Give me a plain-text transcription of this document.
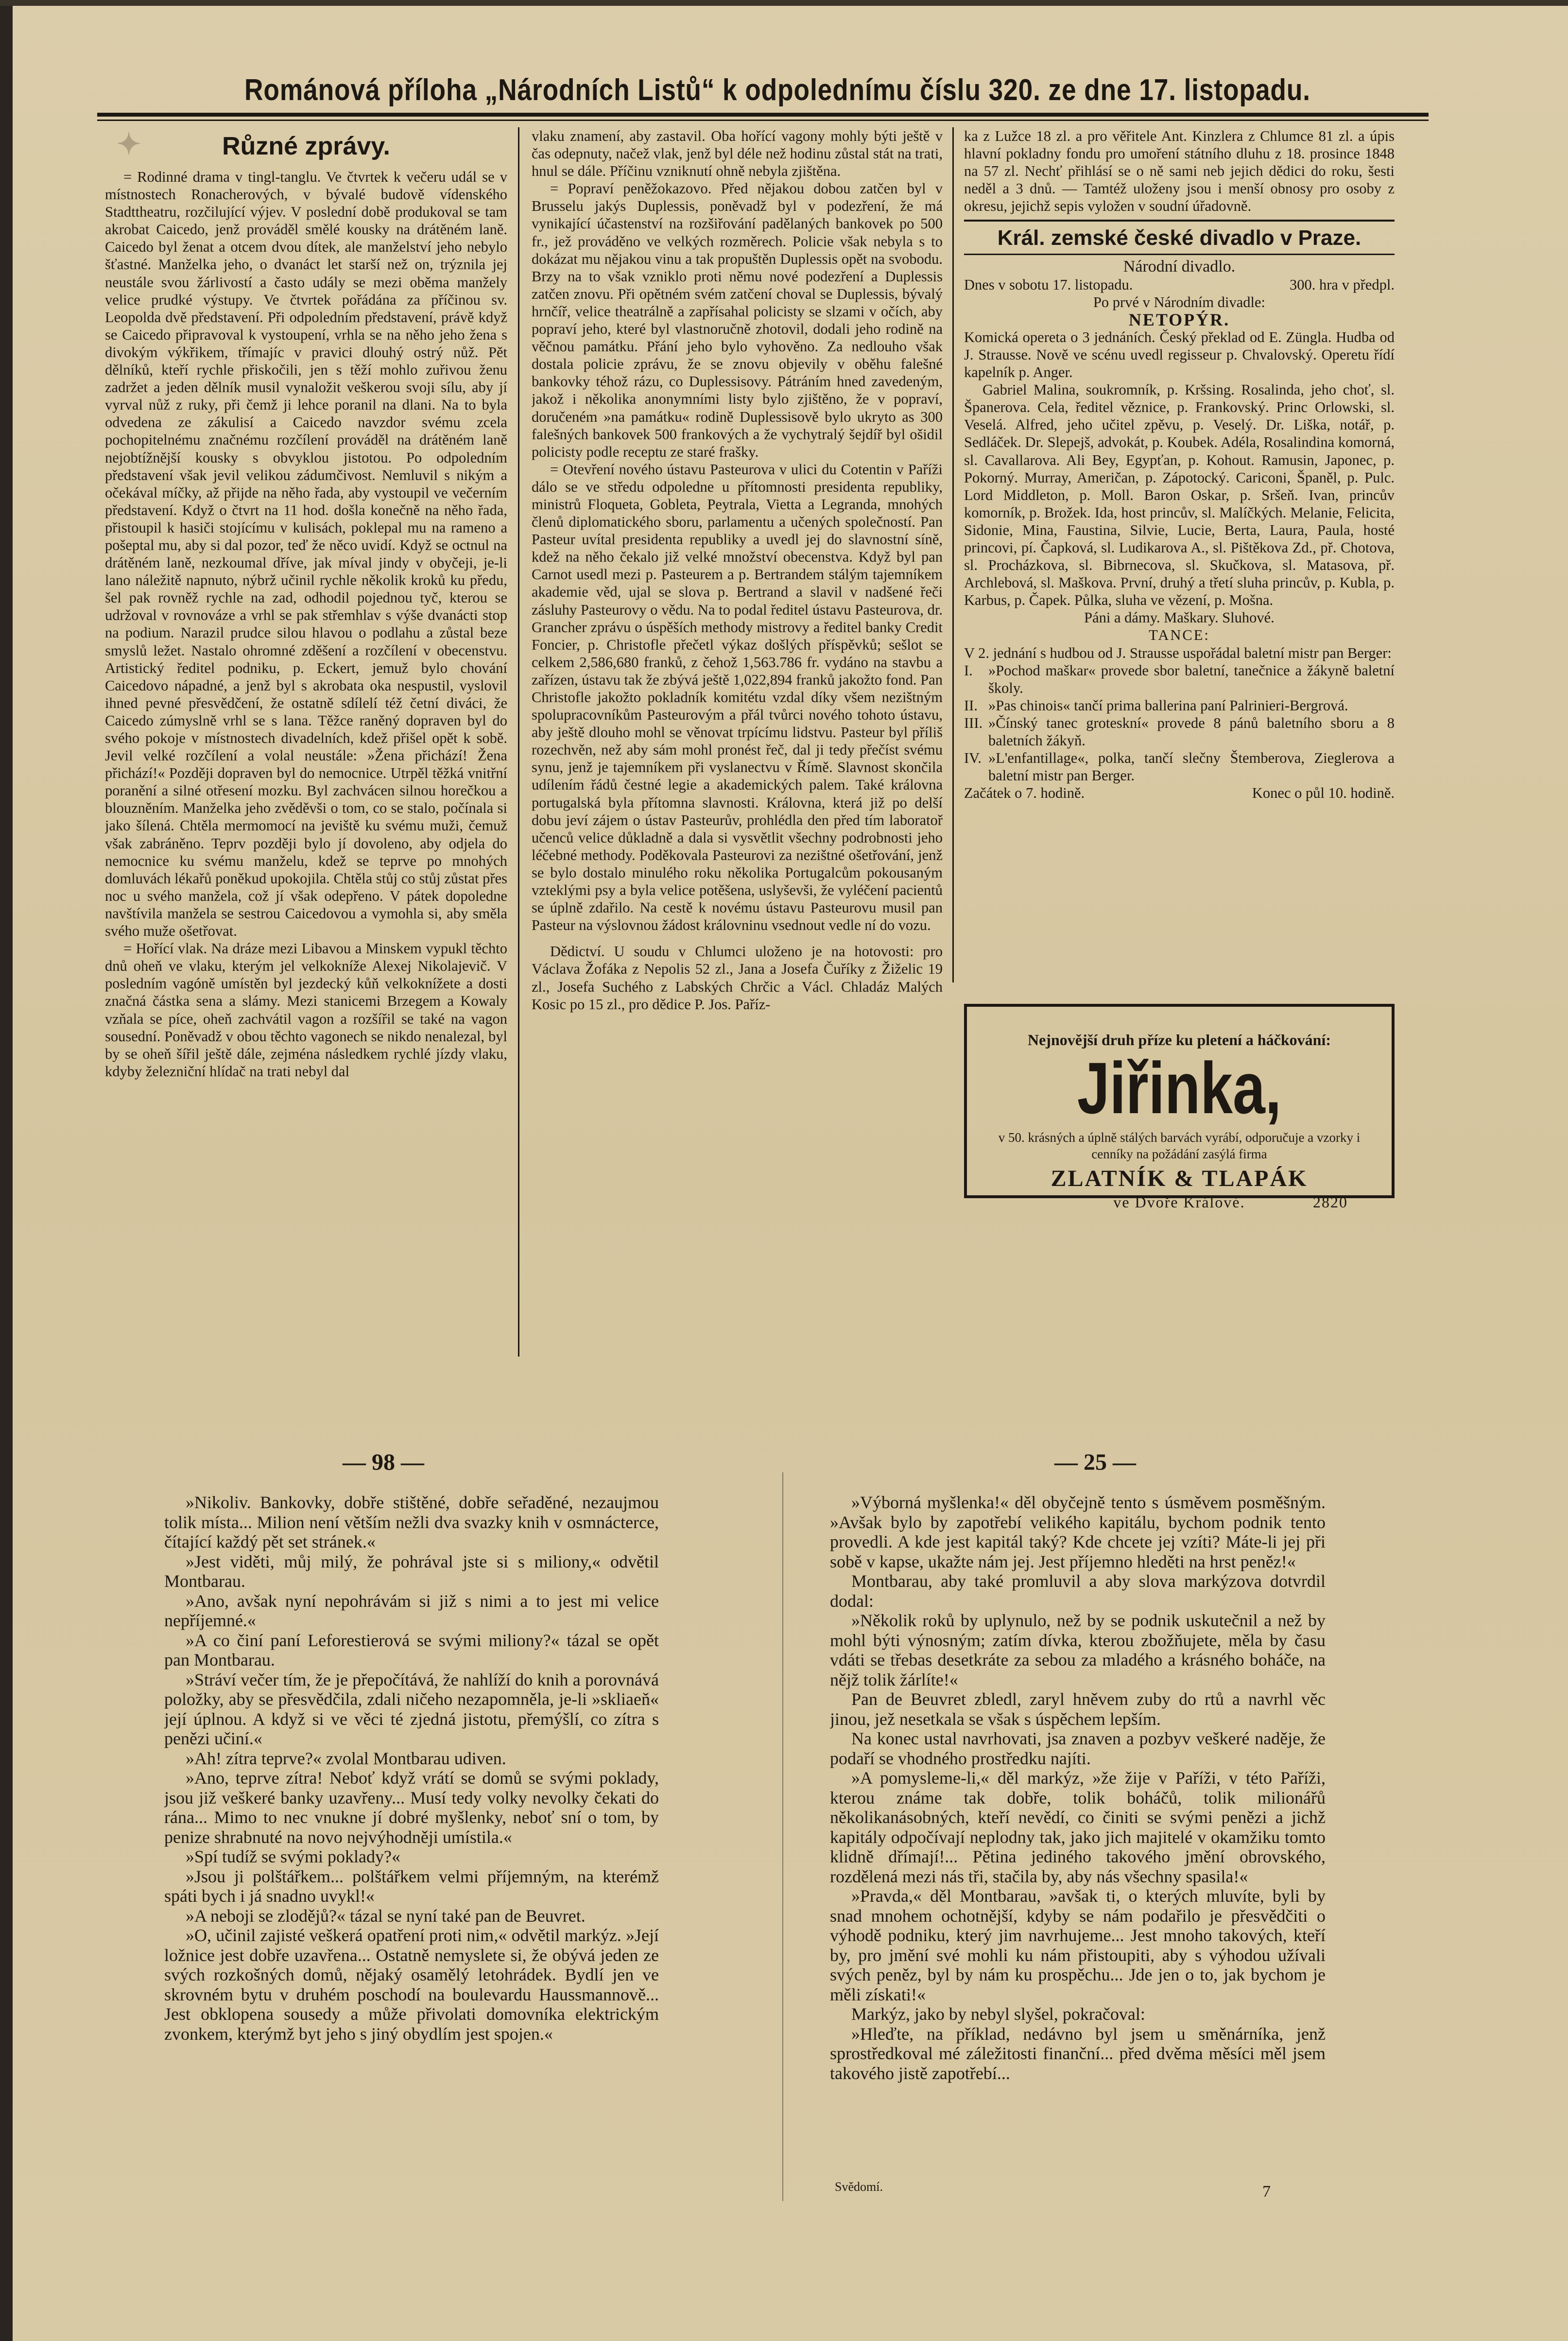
Románová příloha „Národních Listů“ k odpolednímu číslu 320. ze dne 17. listopadu.
Různé zprávy.

= Rodinné drama v tingl-tanglu. Ve čtvrtek k večeru udál se v místnostech Ronacherových, v bývalé budově vídenského Stadttheatru, rozčilující výjev. V poslední době produkoval se tam akrobat Caicedo, jenž prováděl smělé kousky na drátěném laně. Caicedo byl ženat a otcem dvou dítek, ale manželství jeho nebylo šťastné. Manželka jeho, o dvanáct let starší než on, trýznila jej neustále svou žárlivostí a často udály se mezi oběma manžely velice prudké výstupy. Ve čtvrtek pořádána za příčinou sv. Leopolda dvě představení. Při odpoledním představení, právě když se Caicedo připravoval k vystoupení, vrhla se na něho jeho žena s divokým výkřikem, třímajíc v pravici dlouhý ostrý nůž. Pět dělníků, kteří rychle přiskočili, jen s těží mohlo zuřivou ženu zadržet a jeden dělník musil vynaložit veškerou svoji sílu, aby jí vyrval nůž z ruky, při čemž ji lehce poranil na dlani. Na to byla odvedena ze zákulisí a Caicedo navzdor svému zcela pochopitelnému značnému rozčílení prováděl na drátěném laně nejobtížnější kousky s obvyklou jistotou. Po odpoledním představení však jevil velikou zádumčivost. Nemluvil s nikým a očekával míčky, až přijde na něho řada, aby vystoupil ve večerním představení. Když o čtvrt na 11 hod. došla konečně na něho řada, přistoupil k hasiči stojícímu v kulisách, poklepal mu na rameno a pošeptal mu, aby si dal pozor, teď že něco uvidí. Když se octnul na drátěném laně, nezkoumal dříve, jak míval jindy v obyčeji, je-li lano náležitě napnuto, nýbrž učinil rychle několik kroků ku předu, šel pak rovněž rychle na zad, odhodil pojednou tyč, kterou se udržoval v rovnováze a vrhl se pak střemhlav s výše dvanácti stop na podium. Narazil prudce silou hlavou o podlahu a zůstal beze smyslů ležet. Nastalo ohromné zděšení a rozčílení v obecenstvu. Artistický ředitel podniku, p. Eckert, jemuž bylo chování Caicedovo nápadné, a jenž byl s akrobata oka nespustil, vyslovil ihned pevné přesvědčení, že ostatně sdílelí též četní diváci, že Caicedo zúmyslně vrhl se s lana. Těžce raněný dopraven byl do svého pokoje v místnostech divadelních, kdež přišel opět k sobě. Jevil velké rozčílení a volal neustále: »Žena přichází! Žena přichází!« Později dopraven byl do nemocnice. Utrpěl těžká vnitřní poranění a silné otřesení mozku. Byl zachvácen silnou horečkou a blouzněním. Manželka jeho zvěděvši o tom, co se stalo, počínala si jako šílená. Chtěla mermomocí na jeviště ku svému muži, čemuž však zabráněno. Teprv později bylo jí dovoleno, aby odjela do nemocnice ku svému manželu, kdež se teprve po mnohých domluvách lékařů poněkud upokojila. Chtěla stůj co stůj zůstat přes noc u svého manžela, což jí však odepřeno. V pátek dopoledne navštívila manžela se sestrou Caicedovou a vymohla si, aby směla svého muže ošetřovat.

= Hořící vlak. Na dráze mezi Libavou a Minskem vypukl těchto dnů oheň ve vlaku, kterým jel velkokníže Alexej Nikolajevič. V posledním vagóně umístěn byl jezdecký kůň velkoknížete a dosti značná částka sena a slámy. Mezi stanicemi Brzegem a Kowaly vzňala se píce, oheň zachvátil vagon a rozšířil se také na vagon sousední. Poněvadž v obou těchto vagonech se nikdo nenalezal, byl by se oheň šířil ještě dále, zejména následkem rychlé jízdy vlaku, kdyby železniční hlídač na trati nebyl dal

vlaku znamení, aby zastavil. Oba hořící vagony mohly býti ještě v čas odepnuty, načež vlak, jenž byl déle než hodinu zůstal stát na trati, hnul se dále. Příčinu vzniknutí ohně nebyla zjištěna.

= Popraví peněžokazovo. Před nějakou dobou zatčen byl v Brusselu jakýs Duplessis, poněvadž byl v podezření, že má vynikající účastenství na rozšiřování padělaných bankovek po 500 fr., jež prováděno ve velkých rozměrech. Policie však nebyla s to dokázat mu nějakou vinu a tak propuštěn Duplessis opět na svobodu. Brzy na to však vzniklo proti němu nové podezření a Duplessis zatčen znovu. Při opětném svém zatčení choval se Duplessis, bývalý hrnčíř, velice theatrálně a zapřísahal policisty se slzami v očích, aby popraví jeho, které byl vlastnoručně zhotovil, dodali jeho rodině na věčnou památku. Přání jeho bylo vyhověno. Za nedlouho však dostala policie zprávu, že se znovu objevily v oběhu falešné bankovky téhož rázu, co Duplessisovy. Pátráním hned zavedeným, jakož i několika anonymními listy bylo zjištěno, že v popraví, doručeném »na památku« rodině Duplessisově bylo ukryto as 300 falešných bankovek 500 frankových a že vychytralý šejdíř byl ošidil policisty podle receptu ze staré frašky.

= Otevření nového ústavu Pasteurova v ulici du Cotentin v Paříži dálo se ve středu odpoledne u přítomnosti presidenta republiky, ministrů Floqueta, Gobleta, Peytrala, Vietta a Legranda, mnohých členů diplomatického sboru, parlamentu a učených společností. Pan Pasteur uvítal presidenta republiky a uvedl jej do slavnostní síně, kdež na něho čekalo již velké množství obecenstva. Když byl pan Carnot usedl mezi p. Pasteurem a p. Bertrandem stálým tajemníkem akademie věd, ujal se slova p. Bertrand a slavil v nadšené řeči zásluhy Pasteurovy o vědu. Na to podal ředitel ústavu Pasteurova, dr. Grancher zprávu o úspěších methody mistrovy a ředitel banky Credit Foncier, p. Christofle přečetl výkaz došlých příspěvků; sešlot se celkem 2,586,680 franků, z čehož 1,563.786 fr. vydáno na stavbu a zařízen, ústavu tak že zbývá ještě 1,022,894 franků jakožto fond. Pan Christofle jakožto pokladník komitétu vzdal díky všem nezištným spolupracovníkům Pasteurovým a přál tvůrci nového tohoto ústavu, aby ještě dlouho mohl se věnovat trpícímu lidstvu. Pasteur byl příliš rozechvěn, než aby sám mohl pronést řeč, dal ji tedy přečíst svému synu, jenž je tajemníkem při vyslanectvu v Římě. Slavnost skončila udílením řádů čestné legie a akademických palem. Také královna portugalská byla přítomna slavnosti. Královna, která již po delší dobu jeví zájem o ústav Pasteurův, prohlédla den před tím laboratoř učenců velice důkladně a dala si vysvětlit všechny podrobnosti jeho léčebné methody. Poděkovala Pasteurovi za nezištné ošetřování, jenž se bylo dostalo minulého roku několika Portugalcům pokousaným vzteklými psy a byla velice potěšena, uslyševši, že vyléčení pacientů se úplně zdařilo. Na cestě k novému ústavu Pasteurovu musil pan Pasteur na výslovnou žádost královninu vsednout vedle ní do vozu.

Dědictví. U soudu v Chlumci uloženo je na hotovosti: pro Václava Žofáka z Nepolis 52 zl., Jana a Josefa Čuříky z Žiželic 19 zl., Josefa Suchého z Labských Chrčic a Václ. Chladáz Malých Kosic po 15 zl., pro dědice P. Jos. Paříz-

ka z Lužce 18 zl. a pro věřitele Ant. Kinzlera z Chlumce 81 zl. a úpis hlavní pokladny fondu pro umoření státního dluhu z 18. prosince 1848 na 57 zl. Nechť přihlásí se o ně sami neb jejich dědici do roku, šesti neděl a 3 dnů. — Tamtéž uloženy jsou i menší obnosy pro osoby z okresu, jejichž sepis vyložen v soudní úřadovně.

Král. zemské české divadlo v Praze.

Národní divadlo.

Dnes v sobotu 17. listopadu.	300. hra v předpl.

Po prvé v Národním divadle:

NETOPÝR.

Komická opereta o 3 jednáních. Český překlad od E. Züngla. Hudba od J. Strausse. Nově ve scénu uvedl regisseur p. Chvalovský. Operetu řídí kapelník p. Anger.

Gabriel Malina, soukromník, p. Kršsing. Rosalinda, jeho choť, sl. Španerova. Cela, ředitel věznice, p. Frankovský. Princ Orlowski, sl. Veselá. Alfred, jeho učitel zpěvu, p. Veselý. Dr. Liška, notář, p. Sedláček. Dr. Slepejš, advokát, p. Koubek. Adéla, Rosalindina komorná, sl. Cavallarova. Ali Bey, Egypťan, p. Kohout. Ramusin, Japonec, p. Pokorný. Murray, Američan, p. Zápotocký. Cariconi, Španěl, p. Pulc. Lord Middleton, p. Moll. Baron Oskar, p. Sršeň. Ivan, princův komorník, p. Brožek. Ida, host princův, sl. Malíčkých. Melanie, Felicita, Sidonie, Mina, Faustina, Silvie, Lucie, Berta, Laura, Paula, hosté princovi, pí. Čapková, sl. Ludikarova A., sl. Pištěkova Zd., př. Chotova, sl. Procházkova, sl. Bibrnecova, sl. Skučkova, sl. Matasova, př. Archlebová, sl. Maškova. První, druhý a třetí sluha princův, p. Kubla, p. Karbus, p. Čapek. Půlka, sluha ve vězení, p. Mošna.

Páni a dámy. Maškary. Sluhové.

TANCE:

V 2. jednání s hudbou od J. Strausse uspořádal baletní mistr pan Berger:

I.	»Pochod maškar« provede sbor baletní, tanečnice a žákyně baletní školy.
II. »Pas chinois« tančí prima ballerina paní Palrinieri-Bergrová.
III. »Čínský tanec groteskní« provede 8 pánů baletního sboru a 8 baletních žákyň.
IV. »L'enfantillage«, polka, tančí slečny Štemberova, Zieglerova a baletní mistr pan Berger.

Začátek o 7. hodině.	Konec o půl 10. hodině.

Nejnovější druh příze ku pletení a háčkování:
Jiřinka,
v 50. krásných a úplně stálých barvách vyrábí, odporučuje a vzorky i cenníky na požádání zasýlá firma
ZLATNÍK & TLAPÁK
ve Dvoře Králové.	2820
✦
— 98 —	— 25 —

»Nikoliv. Bankovky, dobře stištěné, dobře seřaděné, nezaujmou tolik místa... Milion není větším nežli dva svazky knih v osmnácterce, čítající každý pět set stránek.«

»Jest viděti, můj milý, že pohrával jste si s miliony,« odvětil Montbarau.

»Ano, avšak nyní nepohrávám si již s nimi a to jest mi velice nepříjemné.«

»A co činí paní Leforestierová se svými miliony?« tázal se opět pan Montbarau.

»Stráví večer tím, že je přepočítává, že nahlíží do knih a porovnává položky, aby se přesvědčila, zdali ničeho nezapomněla, je-li »skliaeň« její úplnou. A když si ve věci té zjedná jistotu, přemýšlí, co zítra s penězi učiní.«

»Ah! zítra teprve?« zvolal Montbarau udiven.

»Ano, teprve zítra! Neboť když vrátí se domů se svými poklady, jsou již veškeré banky uzavřeny... Musí tedy volky nevolky čekati do rána... Mimo to nec vnukne jí dobré myšlenky, neboť sní o tom, by penize shrabnuté na novo nejvýhodněji umístila.«

»Spí tudíž se svými poklady?«

»Jsou ji polštářkem... polštářkem velmi příjemným, na kterémž spáti bych i já snadno uvykl!«

»A neboji se zlodějů?« tázal se nyní také pan de Beuvret.

»O, učinil zajisté veškerá opatření proti nim,« odvětil markýz. »Její ložnice jest dobře uzavřena... Ostatně nemyslete si, že obývá jeden ze svých rozkošných domů, nějaký osamělý letohrádek. Bydlí jen ve skrovném bytu v druhém poschodí na boulevardu Haussmannově... Jest obklopena sousedy a může přivolati domovníka elektrickým zvonkem, kterýmž byt jeho s jiný obydlím jest spojen.«

»Výborná myšlenka!« děl obyčejně tento s úsměvem posměšným. »Avšak bylo by zapotřebí velikého kapitálu, bychom podnik tento provedli. A kde jest kapitál taký? Kde chcete jej vzíti? Máte-li jej při sobě v kapse, ukažte nám jej. Jest příjemno hleděti na hrst peněz!«

Montbarau, aby také promluvil a aby slova markýzova dotvrdil dodal:

»Několik roků by uplynulo, než by se podnik uskutečnil a než by mohl býti výnosným; zatím dívka, kterou zbožňujete, měla by času vdáti se třebas desetkráte za sebou za mladého a krásného boháče, na nějž tolik žárlíte!«

Pan de Beuvret zbledl, zaryl hněvem zuby do rtů a navrhl věc jinou, jež nesetkala se však s úspěchem lepším.

Na konec ustal navrhovati, jsa znaven a pozbyv veškeré naděje, že podaří se vhodného prostředku najíti.

»A pomysleme-li,« děl markýz, »že žije v Paříži, v této Paříži, kterou známe tak dobře, tolik boháčů, tolik milionářů několikanásobných, kteří nevědí, co činiti se svými penězi a jichž kapitály odpočívají neplodny tak, jako jich majitelé v okamžiku tomto klidně dřímají!... Pětina jediného takového jmění obrovského, rozdělená mezi nás tři, stačila by, aby nás všechny spasila!«

»Pravda,« děl Montbarau, »avšak ti, o kterých mluvíte, byli by snad mnohem ochotnější, kdyby se nám podařilo je přesvědčiti o výhodě podniku, který jim navrhujeme... Jest mnoho takových, kteří by, pro jmění své mohli ku nám přistoupiti, aby s výhodou užívali svých peněz, byl by nám ku prospěchu... Jde jen o to, jak bychom je měli získati!«

Markýz, jako by nebyl slyšel, pokračoval:

»Hleďte, na příklad, nedávno byl jsem u směnárníka, jenž sprostředkoval mé záležitosti finanční... před dvěma měsíci měl jsem takového jistě zapotřebí...

Svědomí.	7
